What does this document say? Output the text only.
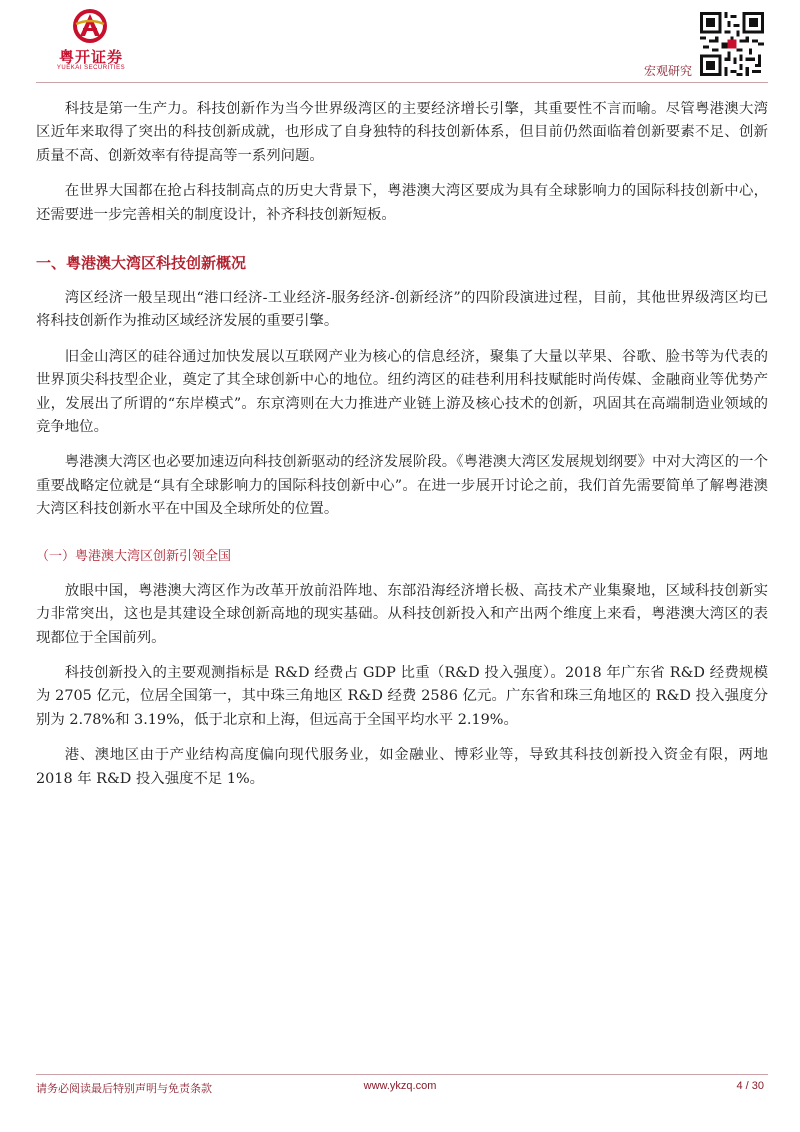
粤开证券
YUEKAI SECURITIES	宏观研究

科技是第一生产力。科技创新作为当今世界级湾区的主要经济增长引擎，其重要性不言而喻。尽管粤港澳大湾区近年来取得了突出的科技创新成就，也形成了自身独特的科技创新体系，但目前仍然面临着创新要素不足、创新质量不高、创新效率有待提高等一系列问题。

在世界大国都在抢占科技制高点的历史大背景下，粤港澳大湾区要成为具有全球影响力的国际科技创新中心，还需要进一步完善相关的制度设计，补齐科技创新短板。

一、粤港澳大湾区科技创新概况

湾区经济一般呈现出“港口经济-工业经济-服务经济-创新经济”的四阶段演进过程，目前，其他世界级湾区均已将科技创新作为推动区域经济发展的重要引擎。

旧金山湾区的硅谷通过加快发展以互联网产业为核心的信息经济，聚集了大量以苹果、谷歌、脸书等为代表的世界顶尖科技型企业，奠定了其全球创新中心的地位。纽约湾区的硅巷利用科技赋能时尚传媒、金融商业等优势产业，发展出了所谓的“东岸模式”。东京湾则在大力推进产业链上游及核心技术的创新，巩固其在高端制造业领域的竞争地位。

粤港澳大湾区也必要加速迈向科技创新驱动的经济发展阶段。《粤港澳大湾区发展规划纲要》中对大湾区的一个重要战略定位就是“具有全球影响力的国际科技创新中心”。在进一步展开讨论之前，我们首先需要简单了解粤港澳大湾区科技创新水平在中国及全球所处的位置。

（一）粤港澳大湾区创新引领全国

放眼中国，粤港澳大湾区作为改革开放前沿阵地、东部沿海经济增长极、高技术产业集聚地，区域科技创新实力非常突出，这也是其建设全球创新高地的现实基础。从科技创新投入和产出两个维度上来看，粤港澳大湾区的表现都位于全国前列。

科技创新投入的主要观测指标是 R&D 经费占 GDP 比重（R&D 投入强度）。2018 年广东省 R&D 经费规模为 2705 亿元，位居全国第一，其中珠三角地区 R&D 经费 2586 亿元。广东省和珠三角地区的 R&D 投入强度分别为 2.78%和 3.19%，低于北京和上海，但远高于全国平均水平 2.19%。

港、澳地区由于产业结构高度偏向现代服务业，如金融业、博彩业等，导致其科技创新投入资金有限，两地 2018 年 R&D 投入强度不足 1%。

请务必阅读最后特别声明与免责条款	www.ykzq.com	4 / 30
